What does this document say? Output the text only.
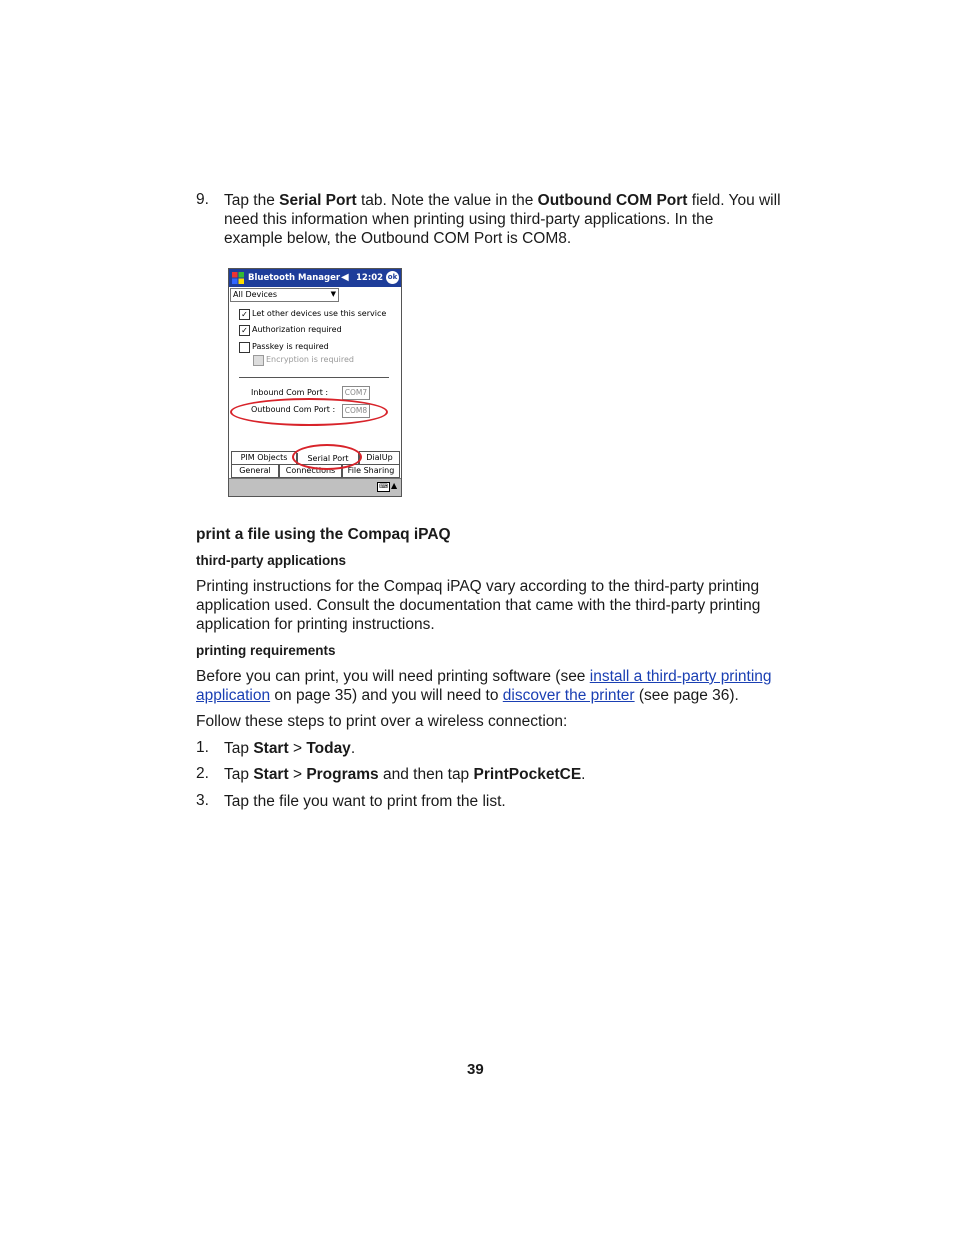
9. Tap the Serial Port tab. Note the value in the Outbound COM Port field. You will
need this information when printing using third-party applications. In the
example below, the Outbound COM Port is COM8.
Bluetooth Manager ◀ 12:02 ok
All Devices	▼
✓ Let other devices use this service
✓ Authorization required
Passkey is required
Encryption is required
Inbound Com Port :	COM7
Outbound Com Port :	COM8
PIM Objects	Serial Port	DialUp
General	Connections	File Sharing
⌨ ▲
print a file using the Compaq iPAQ
third-party applications
Printing instructions for the Compaq iPAQ vary according to the third-party printing
application used. Consult the documentation that came with the third-party printing
application for printing instructions.
printing requirements
Before you can print, you will need printing software (see install a third-party printing
application on page 35) and you will need to discover the printer (see page 36).
Follow these steps to print over a wireless connection:
1. Tap Start > Today.
2. Tap Start > Programs and then tap PrintPocketCE.
3. Tap the file you want to print from the list.
39
